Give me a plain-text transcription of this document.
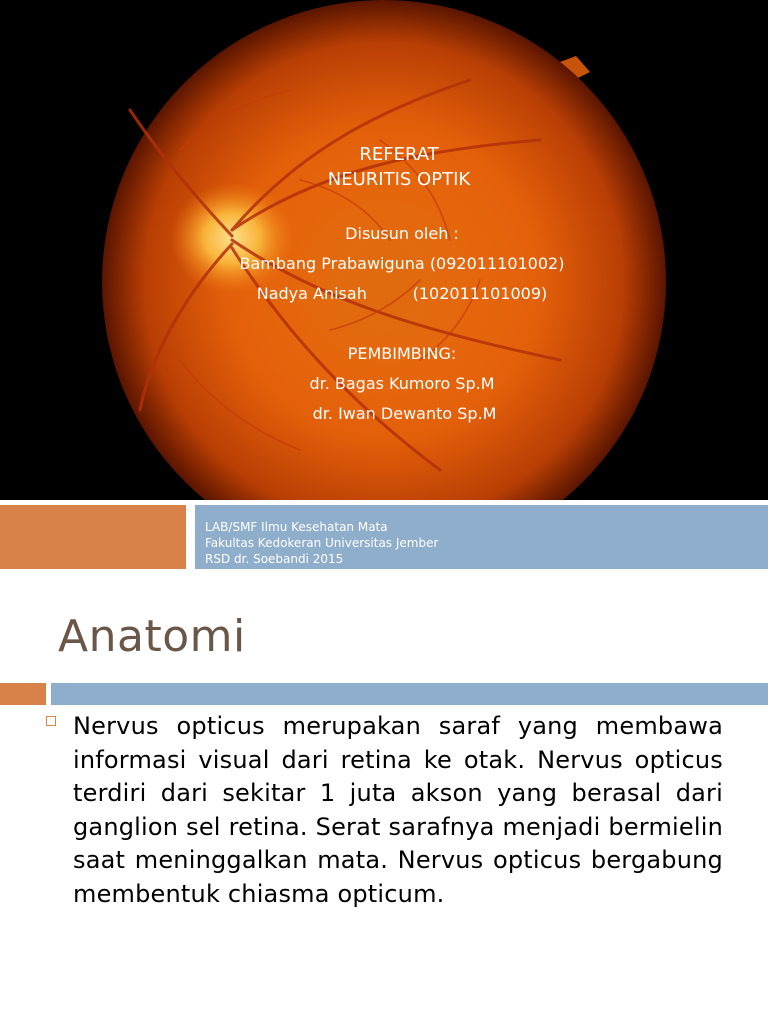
REFERAT
NEURITIS OPTIK
Disusun oleh :
Bambang Prabawiguna (092011101002)
Nadya Anisah         (102011101009)
PEMBIMBING:
dr. Bagas Kumoro Sp.M
dr. Iwan Dewanto Sp.M
LAB/SMF Ilmu Kesehatan Mata
Fakultas Kedokeran Universitas Jember
RSD dr. Soebandi 2015
Anatomi

Nervus opticus merupakan saraf yang membawa informasi visual dari retina ke otak. Nervus opticus terdiri dari sekitar 1 juta akson yang berasal dari ganglion sel retina. Serat sarafnya menjadi bermielin saat meninggalkan mata. Nervus opticus bergabung membentuk chiasma opticum.
